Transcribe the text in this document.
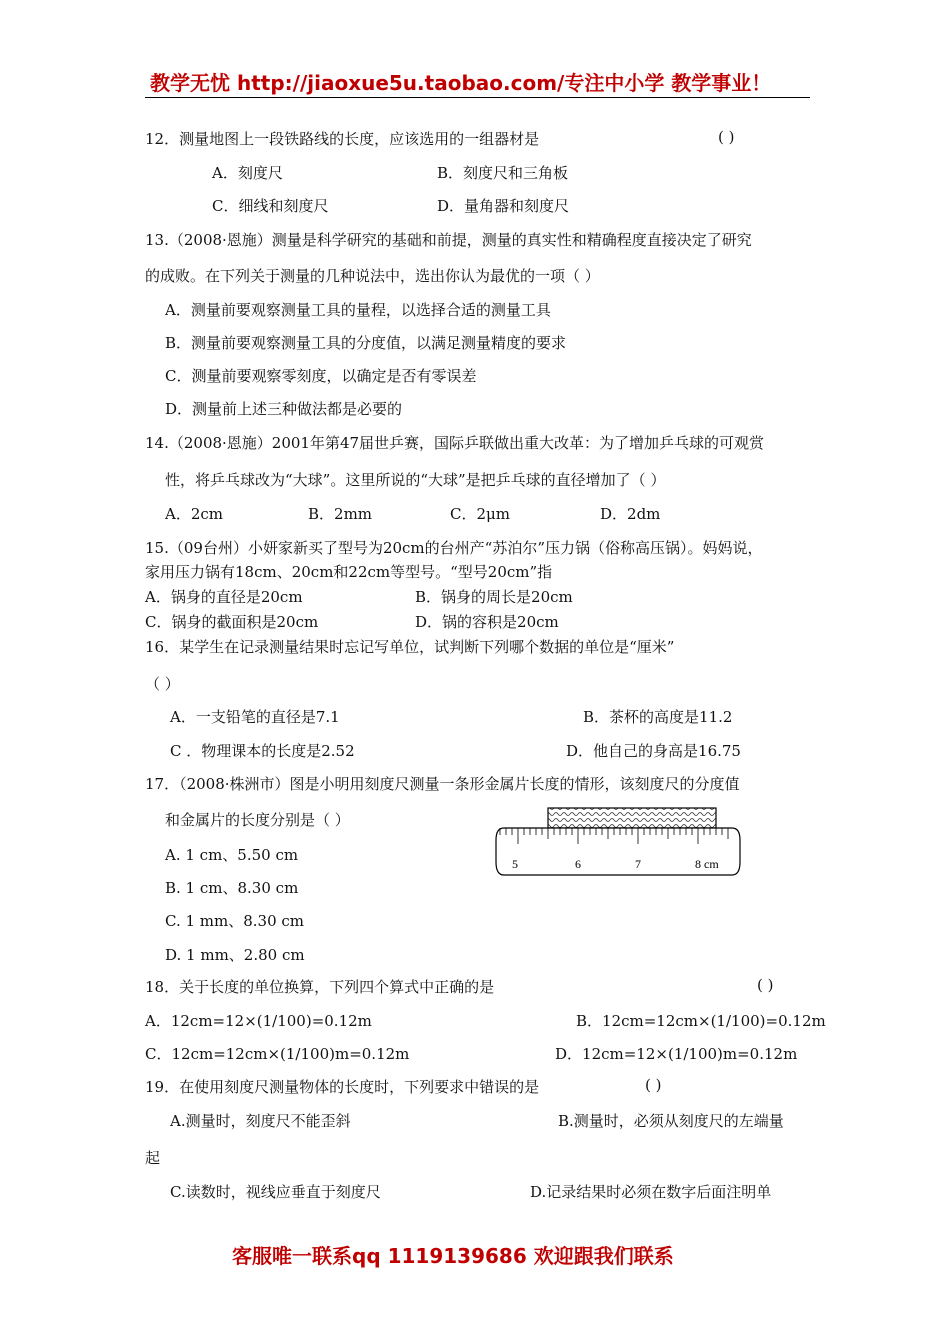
教学无忧 http://jiaoxue5u.taobao.com/专注中小学 教学事业！
12．测量地图上一段铁路线的长度，应该选用的一组器材是	( )
A．刻度尺	B．刻度尺和三角板
C．细线和刻度尺	D．量角器和刻度尺
13.（2008·恩施）测量是科学研究的基础和前提，测量的真实性和精确程度直接决定了研究
的成败。在下列关于测量的几种说法中，选出你认为最优的一项（ ）
A．测量前要观察测量工具的量程，以选择合适的测量工具
B．测量前要观察测量工具的分度值，以满足测量精度的要求
C．测量前要观察零刻度，以确定是否有零误差
D．测量前上述三种做法都是必要的
14.（2008·恩施）2001年第47届世乒赛，国际乒联做出重大改革：为了增加乒乓球的可观赏
性，将乒乓球改为“大球”。这里所说的“大球”是把乒乓球的直径增加了（ ）
A．2cm	B．2mm	C．2μm	D．2dm
15.（09台州）小妍家新买了型号为20cm的台州产“苏泊尔”压力锅（俗称高压锅）。妈妈说，
家用压力锅有18cm、20cm和22cm等型号。“型号20cm”指
A．锅身的直径是20cm	B．锅身的周长是20cm
C．锅身的截面积是20cm	D．锅的容积是20cm
16．某学生在记录测量结果时忘记写单位，试判断下列哪个数据的单位是“厘米”
（ ）
A．一支铅笔的直径是7.1	B．茶杯的高度是11.2
C ．物理课本的长度是2.52	D．他自己的身高是16.75
17．（2008·株洲市）图是小明用刻度尺测量一条形金属片长度的情形，该刻度尺的分度值
和金属片的长度分别是（ ）
A. 1 cm、5.50 cm
B. 1 cm、8.30 cm
C. 1 mm、8.30 cm
D. 1 mm、2.80 cm
5	6	7	8 cm
18．关于长度的单位换算，下列四个算式中正确的是	( )
A．12cm=12×(1/100)=0.12m	B．12cm=12cm×(1/100)=0.12m
C．12cm=12cm×(1/100)m=0.12m	D．12cm=12×(1/100)m=0.12m
19．在使用刻度尺测量物体的长度时，下列要求中错误的是	( )
A.测量时，刻度尺不能歪斜	B.测量时，必须从刻度尺的左端量
起
C.读数时，视线应垂直于刻度尺	D.记录结果时必须在数字后面注明单
客服唯一联系qq 1119139686 欢迎跟我们联系
